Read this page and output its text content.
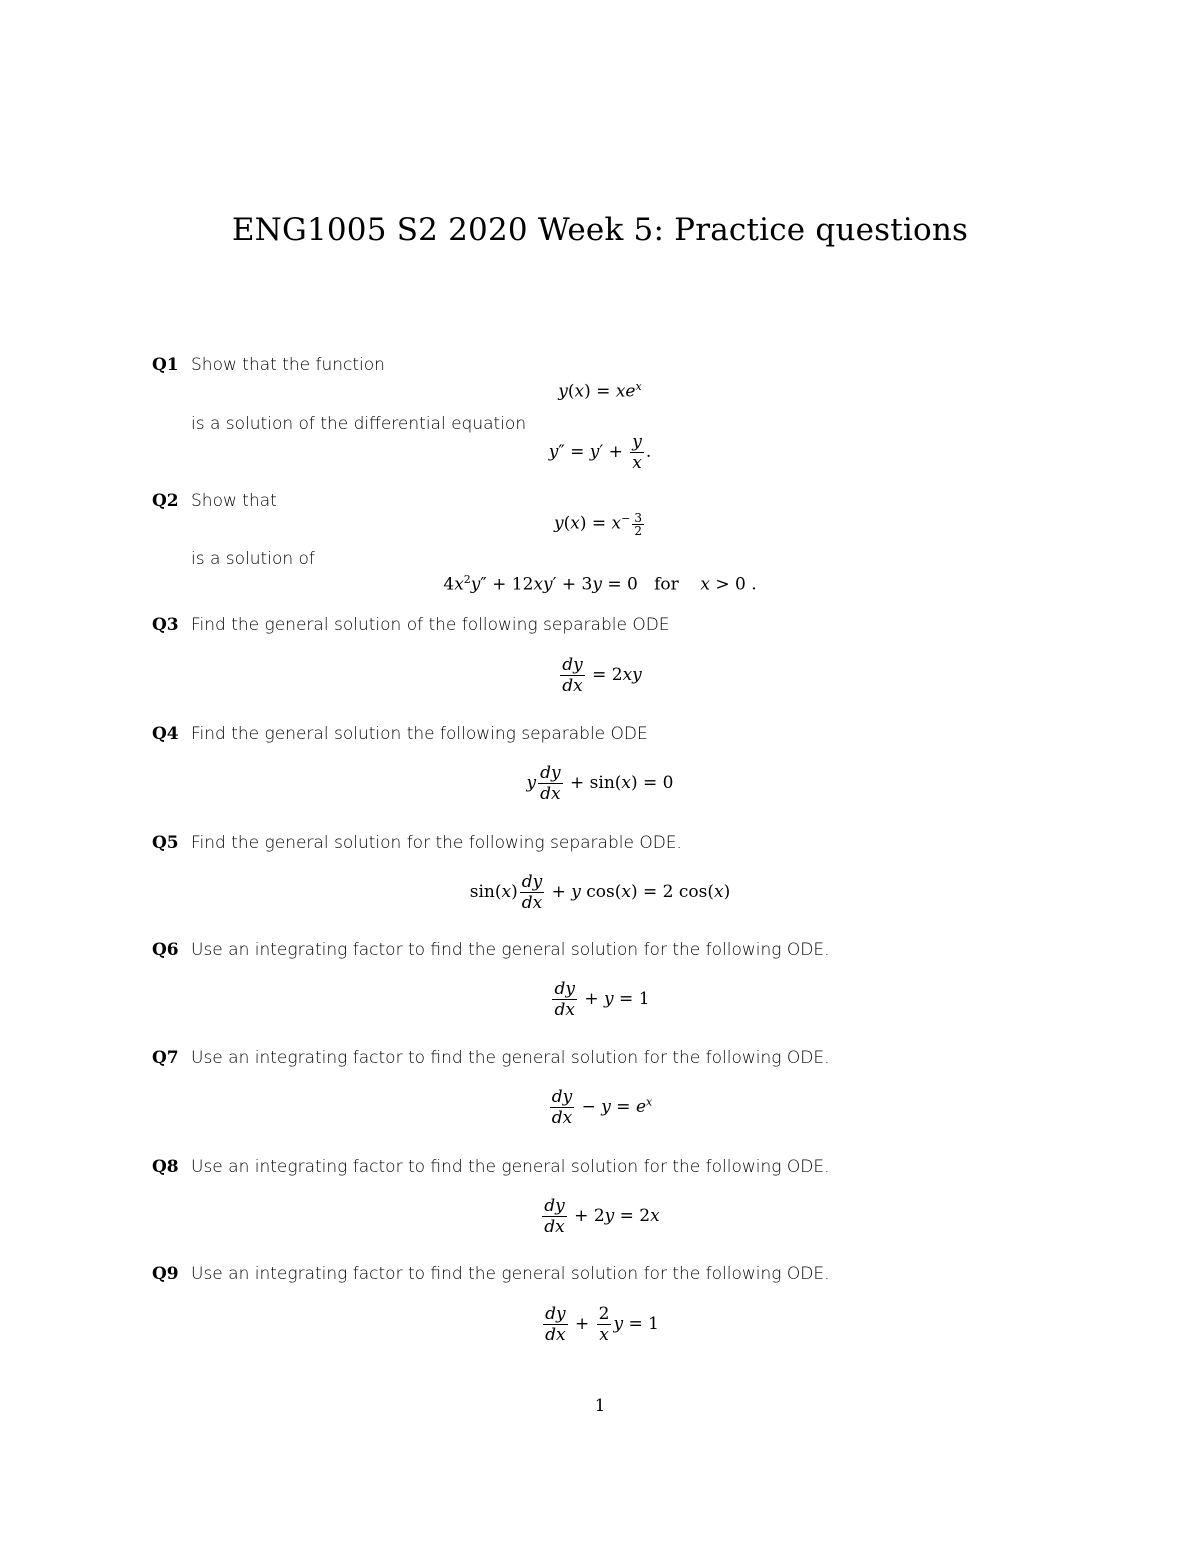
ENG1005 S2 2020 Week 5: Practice questions
Q1 Show that the function
$y(x) = xe^x$
is a solution of the differential equation
$y'' = y' + \frac{y}{x}$ .
Q2 Show that
$y(x) = x^- \frac{3}{2}$
is a solution of
$4x^2y'' + 12xy' + 3y = 0$   for x > 0 .
Q3 Find the general solution of the following separable ODE
$\frac{dy}{dx} = 2xy$
Q4 Find the general solution the following separable ODE
y $\frac{dy}{dx} + \sin(x) = 0$
Q5 Find the general solution for the following separable ODE.
$\sin(x) \frac{dy}{dx} + y$ cos(x) = 2 cos(x)
Q6 Use an integrating factor to find the general solution for the following ODE.
$\frac{dy}{dx} + y = 1$
Q7 Use an integrating factor to find the general solution for the following ODE.
$\frac{dy}{dx} - y = e^x$
Q8 Use an integrating factor to find the general solution for the following ODE.
$\frac{dy}{dx} + 2y = 2x$
Q9 Use an integrating factor to find the general solution for the following ODE.
$\frac{dy}{dx} + \frac{2}{x}$ y = 1
1
